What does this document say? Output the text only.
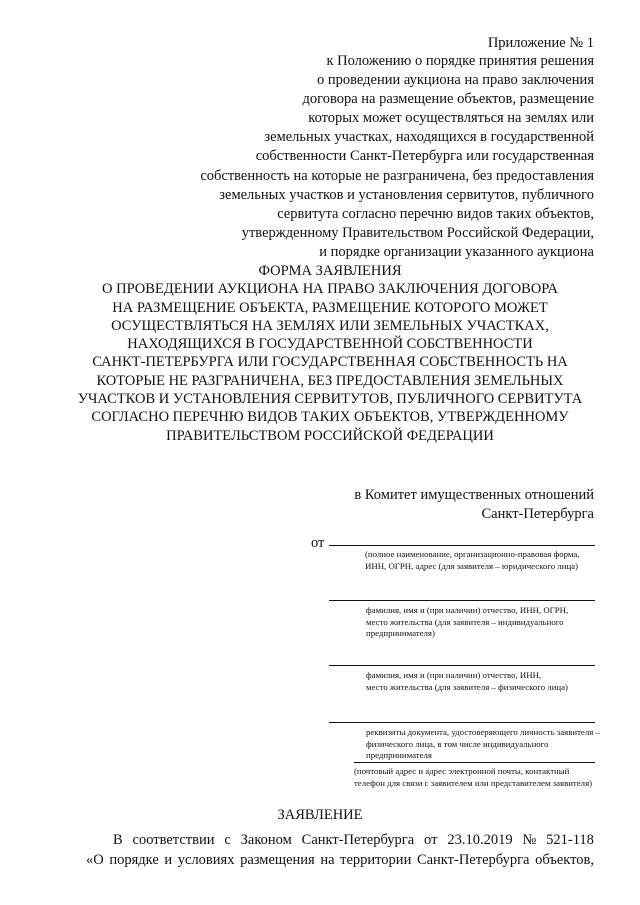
Приложение № 1
к Положению о порядке принятия решения
о проведении аукциона на право заключения
договора на размещение объектов, размещение
которых может осуществляться на землях или
земельных участках, находящихся в государственной
собственности Санкт-Петербурга или государственная
собственность на которые не разграничена, без предоставления
земельных участков и установления сервитутов, публичного
сервитута согласно перечню видов таких объектов,
утвержденному Правительством Российской Федерации,
и порядке организации указанного аукциона
ФОРМА ЗАЯВЛЕНИЯ
О ПРОВЕДЕНИИ АУКЦИОНА НА ПРАВО ЗАКЛЮЧЕНИЯ ДОГОВОРА
НА РАЗМЕЩЕНИЕ ОБЪЕКТА, РАЗМЕЩЕНИЕ КОТОРОГО МОЖЕТ
ОСУЩЕСТВЛЯТЬСЯ НА ЗЕМЛЯХ ИЛИ ЗЕМЕЛЬНЫХ УЧАСТКАХ,
НАХОДЯЩИХСЯ В ГОСУДАРСТВЕННОЙ СОБСТВЕННОСТИ
САНКТ-ПЕТЕРБУРГА ИЛИ ГОСУДАРСТВЕННАЯ СОБСТВЕННОСТЬ НА
КОТОРЫЕ НЕ РАЗГРАНИЧЕНА, БЕЗ ПРЕДОСТАВЛЕНИЯ ЗЕМЕЛЬНЫХ
УЧАСТКОВ И УСТАНОВЛЕНИЯ СЕРВИТУТОВ, ПУБЛИЧНОГО СЕРВИТУТА
СОГЛАСНО ПЕРЕЧНЮ ВИДОВ ТАКИХ ОБЪЕКТОВ, УТВЕРЖДЕННОМУ
ПРАВИТЕЛЬСТВОМ РОССИЙСКОЙ ФЕДЕРАЦИИ
в Комитет имущественных отношений
Санкт-Петербурга
от
(полное наименование, организационно-правовая форма,
ИНН, ОГРН, адрес (для заявителя – юридического лица)
фамилия, имя и (при наличии) отчество, ИНН, ОГРН,
место жительства (для заявителя – индивидуального
предпринимателя)
фамилия, имя и (при наличии) отчество, ИНН,
место жительства (для заявителя – физического лица)
реквизиты документа, удостоверяющего личность заявителя –
физического лица, в том числе индивидуального
предпринимателя
(почтовый адрес и адрес электронной почты, контактный
телефон для связи с заявителем или представителем заявителя)
ЗАЯВЛЕНИЕ
В соответствии с Законом Санкт-Петербурга от 23.10.2019 № 521-118
«О порядке и условиях размещения на территории Санкт-Петербурга объектов,
